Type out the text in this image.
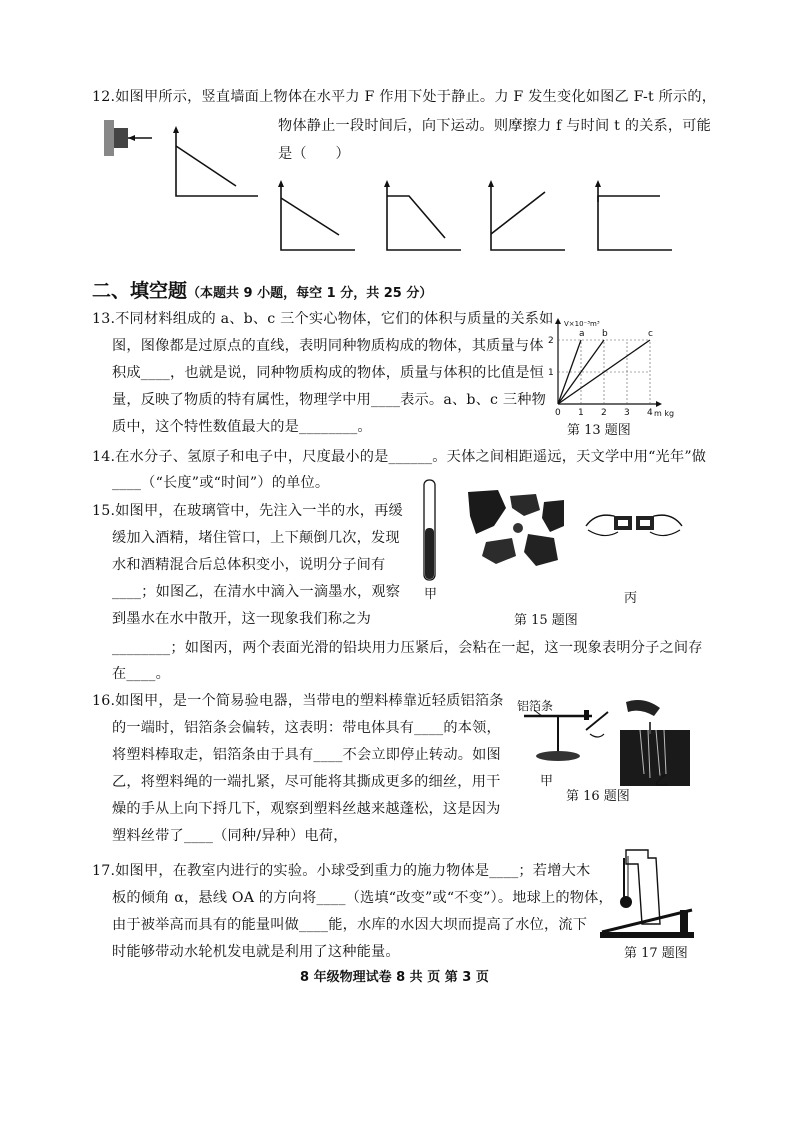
12.如图甲所示，竖直墙面上物体在水平力 F 作用下处于静止。力 F 发生变化如图乙 F-t 所示的，
物体静止一段时间后，向下运动。则摩擦力 f 与时间 t 的关系，可能
是（　　）
二、填空题（本题共 9 小题，每空 1 分，共 25 分）
13.不同材料组成的 a、b、c 三个实心物体，它们的体积与质量的关系如
图，图像都是过原点的直线，表明同种物质构成的物体，其质量与体
积成____，也就是说，同种物质构成的物体，质量与体积的比值是恒
量，反映了物质的特有属性，物理学中用____表示。a、b、c 三种物
质中，这个特性数值最大的是________。
0 1 2 3 4
1
2
V×10⁻³m³
m kg
a b	c
第 13 题图
14.在水分子、氢原子和电子中，尺度最小的是______。天体之间相距遥远，天文学中用“光年”做
____（“长度”或“时间”）的单位。
15.如图甲，在玻璃管中，先注入一半的水，再缓
缓加入酒精，堵住管口，上下颠倒几次，发现
水和酒精混合后总体积变小，说明分子间有
____；如图乙，在清水中滴入一滴墨水，观察
到墨水在水中散开，这一现象我们称之为
甲	丙
第 15 题图
________；如图丙，两个表面光滑的铅块用力压紧后，会粘在一起，这一现象表明分子之间存
在____。
16.如图甲，是一个简易验电器，当带电的塑料棒靠近轻质铝箔条
的一端时，铝箔条会偏转，这表明：带电体具有____的本领，
将塑料棒取走，铝箔条由于具有____不会立即停止转动。如图
乙，将塑料绳的一端扎紧，尽可能将其撕成更多的细丝，用干
燥的手从上向下捋几下，观察到塑料丝越来越蓬松，这是因为
塑料丝带了____（同种/异种）电荷，
铝箔条
甲	乙
第 16 题图
17.如图甲，在教室内进行的实验。小球受到重力的施力物体是____；若增大木
板的倾角 α，悬线 OA 的方向将____（选填“改变”或“不变”）。地球上的物体，
由于被举高而具有的能量叫做____能，水库的水因大坝而提高了水位，流下
时能够带动水轮机发电就是利用了这种能量。	第 17 题图
8 年级物理试卷 8 共 页 第 3 页
